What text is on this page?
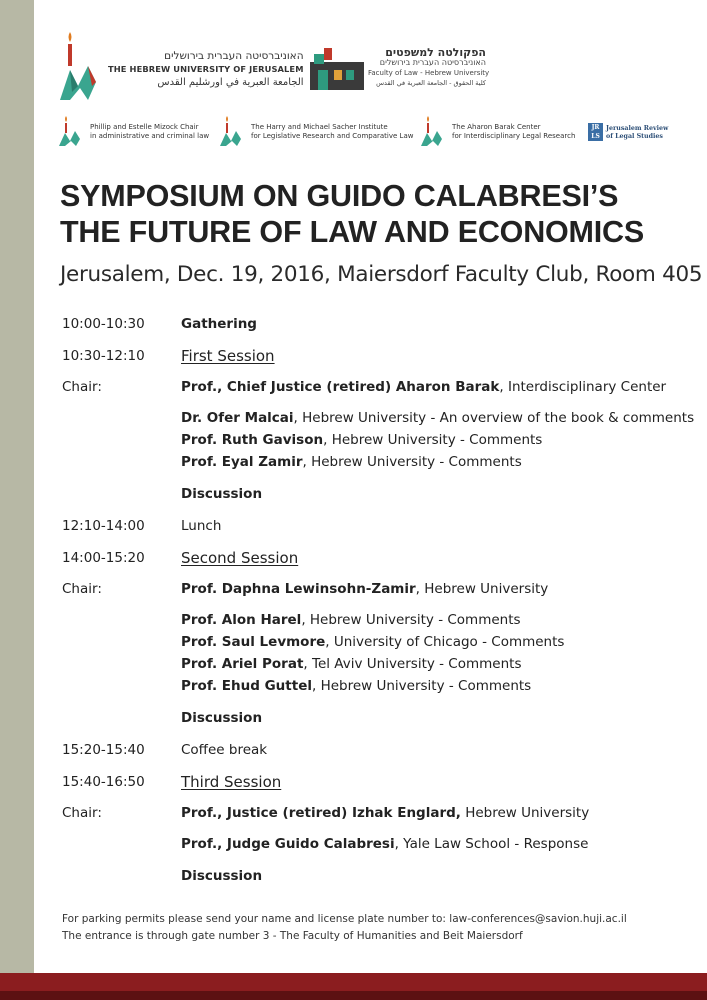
האוניברסיטה העברית בירושלים
THE HEBREW UNIVERSITY OF JERUSALEM
الجامعة العبرية في اورشليم القدس
הפקולטה למשפטים
האוניברסיטה העברית בירושלים
Faculty of Law - Hebrew University
كلية الحقوق - الجامعة العبرية في القدس
Phillip and Estelle Mizock Chair
in administrative and criminal law
The Harry and Michael Sacher Institute
for Legislative Research and Comparative Law
The Aharon Barak Center
for Interdisciplinary Legal Research
JR
LS
Jerusalem Review
of Legal Studies
SYMPOSIUM ON GUIDO CALABRESI’S
THE FUTURE OF LAW AND ECONOMICS
Jerusalem, Dec. 19, 2016, Maiersdorf Faculty Club, Room 405
10:00-10:30	Gathering
10:30-12:10 First Session
Chair:	Prof., Chief Justice (retired) Aharon Barak, Interdisciplinary Center
Dr. Ofer Malcai, Hebrew University - An overview of the book & comments
Prof. Ruth Gavison, Hebrew University - Comments
Prof. Eyal Zamir, Hebrew University - Comments
Discussion
12:10-14:00	Lunch
14:00-15:20 Second Session
Chair:	Prof. Daphna Lewinsohn-Zamir, Hebrew University
Prof. Alon Harel, Hebrew University - Comments
Prof. Saul Levmore, University of Chicago - Comments
Prof. Ariel Porat, Tel Aviv University - Comments
Prof. Ehud Guttel, Hebrew University - Comments
Discussion
15:20-15:40	Coffee break
15:40-16:50 Third Session
Chair:	Prof., Justice (retired) Izhak Englard, Hebrew University
Prof., Judge Guido Calabresi, Yale Law School - Response
Discussion
For parking permits please send your name and license plate number to: law-conferences@savion.huji.ac.il
The entrance is through gate number 3 - The Faculty of Humanities and Beit Maiersdorf
